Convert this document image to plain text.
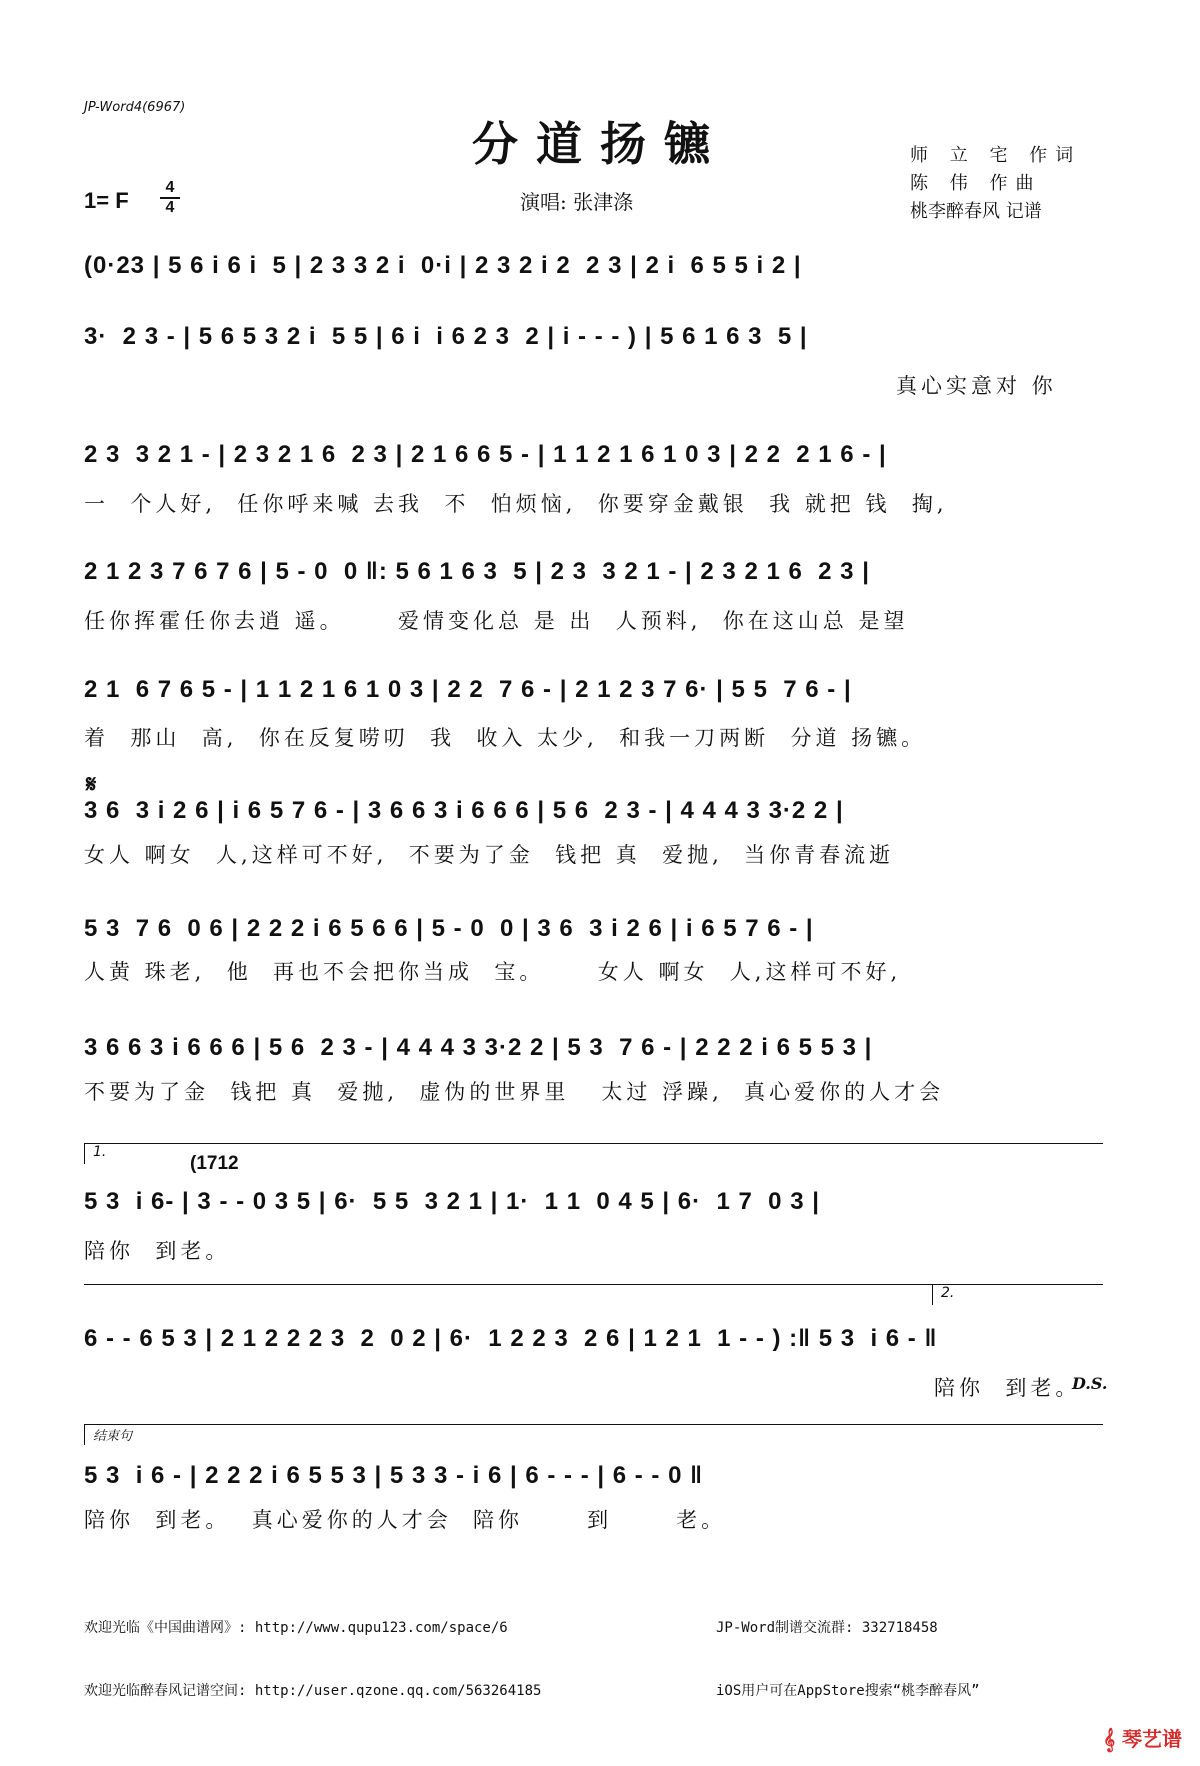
JP-Word4(6967)
分道扬镳
1= F
4
4	演唱: 张津涤
师 立 宅 作词
陈 伟 作曲
桃李醉春风 记谱
(0·23 | 5 6 i 6 i  5 | 2 3 3 2 i  0·i | 2 3 2 i 2  2 3 | 2 i  6 5 5 i 2 |
3·  2 3 - | 5 6 5 3 2 i  5 5 | 6 i  i 6 2 3  2 | i - - - ) | 5 6 1 6 3  5 |
真心实意对 你
2 3  3 2 1 - | 2 3 2 1 6  2 3 | 2 1 6 6 5 - | 1 1 2 1 6 1 0 3 | 2 2  2 1 6 - |
一  个人好,  任你呼来喊 去我  不  怕烦恼,  你要穿金戴银  我 就把 钱  掏,
2 1 2 3 7 6 7 6 | 5 - 0  0 ‖: 5 6 1 6 3  5 | 2 3  3 2 1 - | 2 3 2 1 6  2 3 |
任你挥霍任你去逍 遥。     爱情变化总 是 出  人预料,  你在这山总 是望
2 1  6 7 6 5 - | 1 1 2 1 6 1 0 3 | 2 2  7 6 - | 2 1 2 3 7 6· | 5 5  7 6 - |
着  那山  高,  你在反复唠叨  我  收入 太少,  和我一刀两断  分道 扬镳。
𝄋
3 6  3 i 2 6 | i 6 5 7 6 - | 3 6 6 3 i 6 6 6 | 5 6  2 3 - | 4 4 4 3 3·2 2 |
女人 啊女  人,这样可不好,  不要为了金  钱把 真  爱抛,  当你青春流逝
5 3  7 6  0 6 | 2 2 2 i 6 5 6 6 | 5 - 0  0 | 3 6  3 i 2 6 | i 6 5 7 6 - |
人黄 珠老,  他  再也不会把你当成  宝。     女人 啊女  人,这样可不好,
3 6 6 3 i 6 6 6 | 5 6  2 3 - | 4 4 4 3 3·2 2 | 5 3  7 6 - | 2 2 2 i 6 5 5 3 |
不要为了金  钱把 真  爱抛,  虚伪的世界里   太过 浮躁,  真心爱你的人才会
1.
(1712
5 3  i 6- | 3 - - 0 3 5 | 6·  5 5  3 2 1 | 1·  1 1  0 4 5 | 6·  1 7  0 3 |
陪你  到老。
2.
6 - - 6 5 3 | 2 1 2 2 2 3  2  0 2 | 6·  1 2 2 3  2 6 | 1 2 1  1 - - ) :‖ 5 3  i 6 - ‖
陪你  到老。
D.S.
结束句
5 3  i 6 - | 2 2 2 i 6 5 5 3 | 5 3 3 - i 6 | 6 - - - | 6 - - 0 ‖
陪你  到老。  真心爱你的人才会  陪你      到      老。

欢迎光临《中国曲谱网》: http://www.qupu123.com/space/6

欢迎光临醉春风记谱空间: http://user.qzone.qq.com/563264185

JP-Word制谱交流群: 332718458

iOS用户可在AppStore搜索“桃李醉春风”

𝄞 琴艺谱
